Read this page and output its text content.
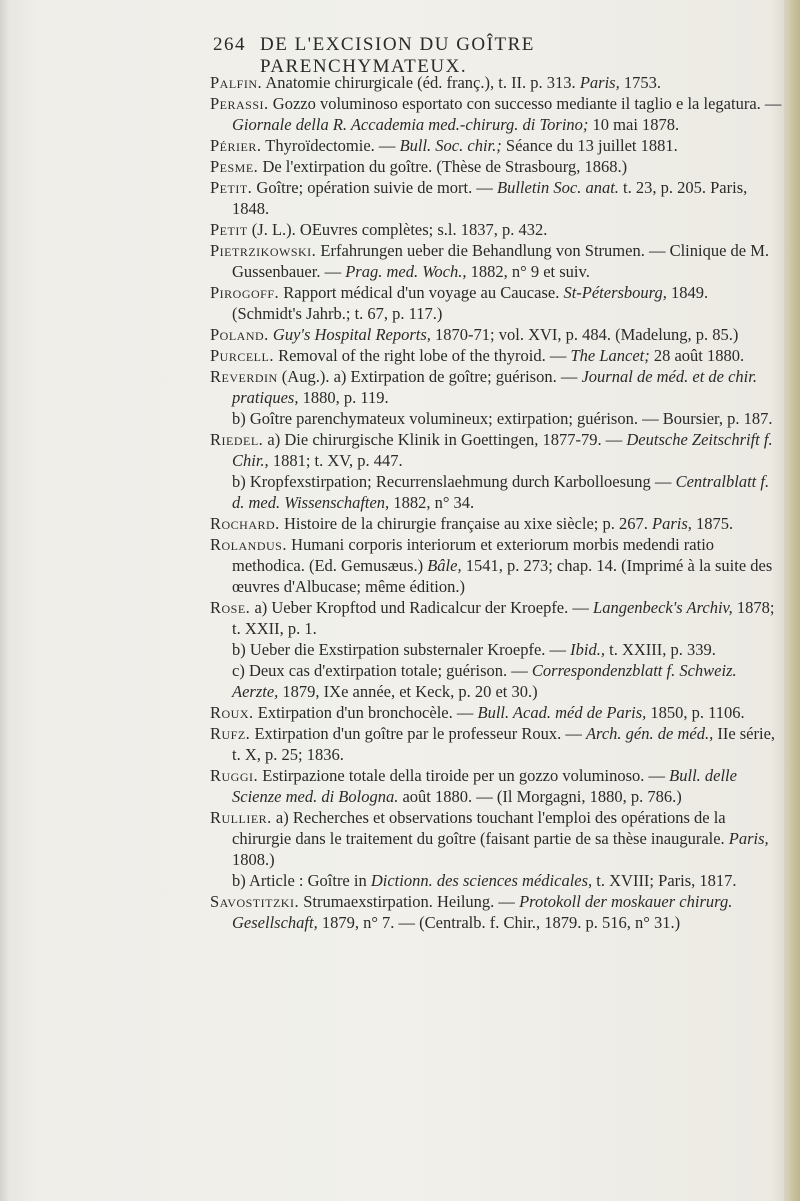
264 DE L'EXCISION DU GOÎTRE PARENCHYMATEUX.

Palfin. Anatomie chirurgicale (éd. franç.), t. II. p. 313. Paris, 1753.

Perassi. Gozzo voluminoso esportato con successo mediante il taglio e la legatura. — Giornale della R. Accademia med.-chirurg. di Torino; 10 mai 1878.

Périer. Thyroïdectomie. — Bull. Soc. chir.; Séance du 13 juillet 1881.

Pesme. De l'extirpation du goître. (Thèse de Strasbourg, 1868.)

Petit. Goître; opération suivie de mort. — Bulletin Soc. anat. t. 23, p. 205. Paris, 1848.

Petit (J. L.). OEuvres complètes; s.l. 1837, p. 432.

Pietrzikowski. Erfahrungen ueber die Behandlung von Strumen. — Clinique de M. Gussenbauer. — Prag. med. Woch., 1882, n° 9 et suiv.

Pirogoff. Rapport médical d'un voyage au Caucase. St-Pétersbourg, 1849. (Schmidt's Jahrb.; t. 67, p. 117.)

Poland. Guy's Hospital Reports, 1870-71; vol. XVI, p. 484. (Madelung, p. 85.)

Purcell. Removal of the right lobe of the thyroid. — The Lancet; 28 août 1880.

Reverdin (Aug.). a) Extirpation de goître; guérison. — Journal de méd. et de chir. pratiques, 1880, p. 119.

b) Goître parenchymateux volumineux; extirpation; guérison. — Boursier, p. 187.

Riedel. a) Die chirurgische Klinik in Goettingen, 1877-79. — Deutsche Zeitschrift f. Chir., 1881; t. XV, p. 447.

b) Kropfexstirpation; Recurrenslaehmung durch Karbolloesung — Centralblatt f. d. med. Wissenschaften, 1882, n° 34.

Rochard. Histoire de la chirurgie française au xixe siècle; p. 267. Paris, 1875.

Rolandus. Humani corporis interiorum et exteriorum morbis medendi ratio methodica. (Ed. Gemusæus.) Bâle, 1541, p. 273; chap. 14. (Imprimé à la suite des œuvres d'Albucase; même édition.)

Rose. a) Ueber Kropftod und Radicalcur der Kroepfe. — Langenbeck's Archiv, 1878; t. XXII, p. 1.

b) Ueber die Exstirpation substernaler Kroepfe. — Ibid., t. XXIII, p. 339.

c) Deux cas d'extirpation totale; guérison. — Correspondenzblatt f. Schweiz. Aerzte, 1879, IXe année, et Keck, p. 20 et 30.)

Roux. Extirpation d'un bronchocèle. — Bull. Acad. méd de Paris, 1850, p. 1106.

Rufz. Extirpation d'un goître par le professeur Roux. — Arch. gén. de méd., IIe série, t. X, p. 25; 1836.

Ruggi. Estirpazione totale della tiroide per un gozzo voluminoso. — Bull. delle Scienze med. di Bologna. août 1880. — (Il Morgagni, 1880, p. 786.)

Rullier. a) Recherches et observations touchant l'emploi des opérations de la chirurgie dans le traitement du goître (faisant partie de sa thèse inaugurale. Paris, 1808.)

b) Article : Goître in Dictionn. des sciences médicales, t. XVIII; Paris, 1817.

Savostitzki. Strumaexstirpation. Heilung. — Protokoll der moskauer chirurg. Gesellschaft, 1879, n° 7. — (Centralb. f. Chir., 1879. p. 516, n° 31.)
